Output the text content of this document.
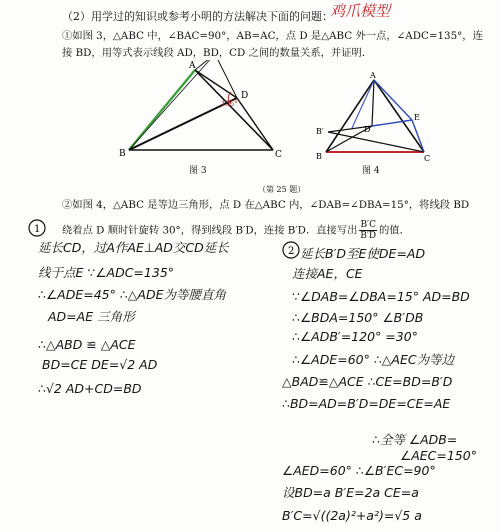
（2）用学过的知识或参考小明的方法解决下面的问题：
鸡爪模型
①如图 3，△ABC 中，∠BAC=90°，AB=AC，点 D 是△ABC 外一点，∠ADC=135°，连
接 BD，用等式表示线段 AD，BD，CD 之间的数量关系，并证明．
A
B	C
D
135°
图 3
A
B	C
D
E
B′
图 4
（第 25 题）
②如图 4，△ABC 是等边三角形，点 D 在△ABC 内，∠DAB=∠DBA=15°，将线段 BD
绕着点 D 顺时针旋转 30°，得到线段 B′D，连接 B′D．直接写出 $\frac{B'C}{B'D}$ 的值．
1
延长CD，过A作AE⊥AD交CD延长
线于点E ∵∠ADC=135°
∴∠ADE=45° ∴△ADE为等腰直角
AD=AE 三角形
∴△ABD ≌ △ACE
BD=CE DE=√2 AD
∴√2 AD+CD=BD
2 延长B′D至E使DE=AD
连接AE，CE
∵∠DAB=∠DBA=15° AD=BD
∴∠BDA=150° ∠B′DB
∴∠ADB′=120° =30°
∴∠ADE=60° ∴△AEC为等边
△BAD≌△ACE ∴CE=BD=B′D
∴BD=AD=B′D=DE=CE=AE
∴全等 ∠ADB=
∠AEC=150°
∠AED=60° ∴∠B′EC=90°
设BD=a B′E=2a CE=a
B′C=√((2a)²+a²)=√5 a
